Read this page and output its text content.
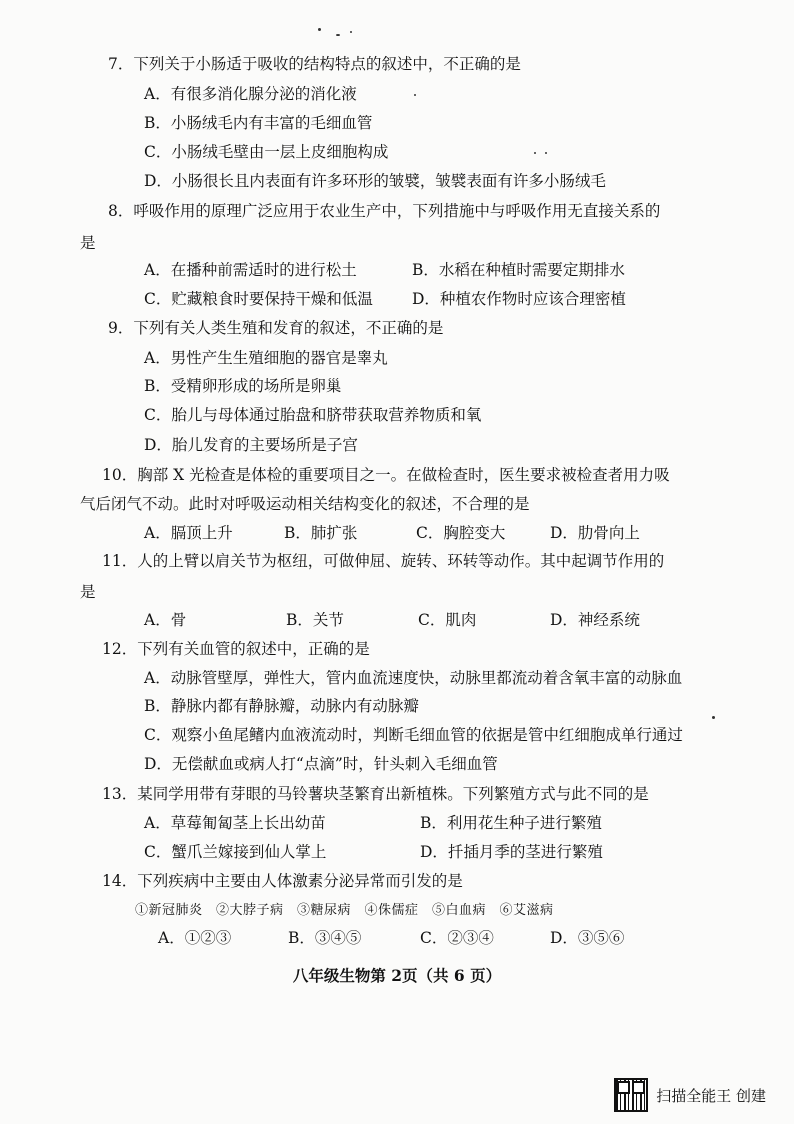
7．下列关于小肠适于吸收的结构特点的叙述中，不正确的是
A．有很多消化腺分泌的消化液
B．小肠绒毛内有丰富的毛细血管
C．小肠绒毛壁由一层上皮细胞构成
D．小肠很长且内表面有许多环形的皱襞，皱襞表面有许多小肠绒毛
8．呼吸作用的原理广泛应用于农业生产中，下列措施中与呼吸作用无直接关系的
是
A．在播种前需适时的进行松土	B．水稻在种植时需要定期排水
C．贮藏粮食时要保持干燥和低温	D．种植农作物时应该合理密植
9．下列有关人类生殖和发育的叙述，不正确的是
A．男性产生生殖细胞的器官是睾丸
B．受精卵形成的场所是卵巢
C．胎儿与母体通过胎盘和脐带获取营养物质和氧
D．胎儿发育的主要场所是子宫
10．胸部 X 光检查是体检的重要项目之一。在做检查时，医生要求被检查者用力吸
气后闭气不动。此时对呼吸运动相关结构变化的叙述，不合理的是
A．膈顶上升	B．肺扩张	C．胸腔变大	D．肋骨向上
11．人的上臂以肩关节为枢纽，可做伸屈、旋转、环转等动作。其中起调节作用的
是
A．骨	B．关节	C．肌肉	D．神经系统
12．下列有关血管的叙述中，正确的是
A．动脉管壁厚，弹性大，管内血流速度快，动脉里都流动着含氧丰富的动脉血
B．静脉内都有静脉瓣，动脉内有动脉瓣
C．观察小鱼尾鳍内血液流动时，判断毛细血管的依据是管中红细胞成单行通过
D．无偿献血或病人打“点滴”时，针头刺入毛细血管
13．某同学用带有芽眼的马铃薯块茎繁育出新植株。下列繁殖方式与此不同的是
A．草莓匍匐茎上长出幼苗	B．利用花生种子进行繁殖
C．蟹爪兰嫁接到仙人掌上	D．扦插月季的茎进行繁殖
14．下列疾病中主要由人体激素分泌异常而引发的是
①新冠肺炎　②大脖子病　③糖尿病　④侏儒症　⑤白血病　⑥艾滋病
A．①②③	B．③④⑤	C．②③④	D．③⑤⑥
八年级生物第 2页（共 6 页）
扫描全能王 创建
